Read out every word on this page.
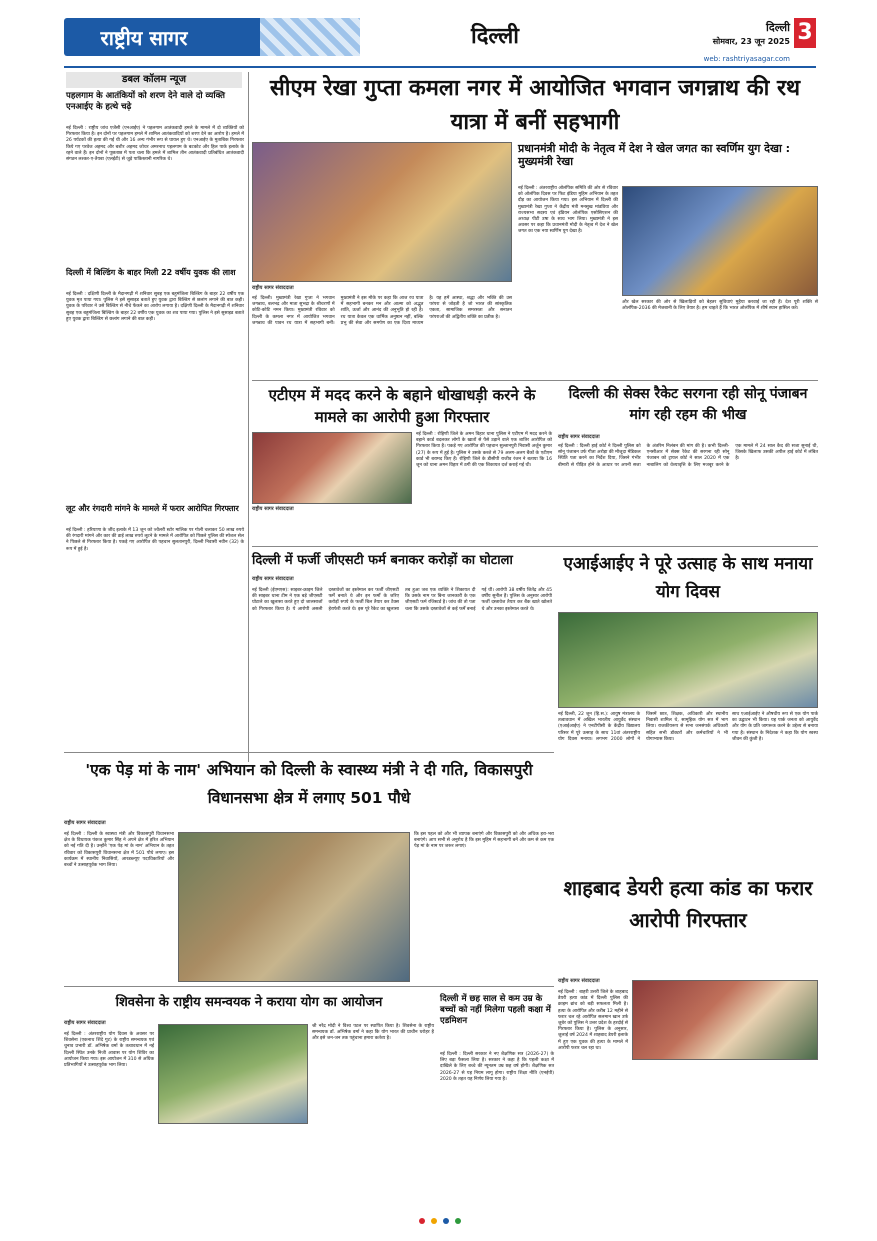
राष्ट्रीय सागर	दिल्ली	दिल्ली
सोमवार, 23 जून 2025
web: rashtriyasagar.com
3
डबल कॉलम न्यूज
पहलगाम के आतंकियों को शरण देने वाले दो व्यक्ति एनआईए के हत्थे चढ़े
नई दिल्ली : राष्ट्रीय जांच एजेंसी (एनआईए) ने पहलगाम आतंकवादी हमले के मामले में दो व्यक्तियों को गिरफ्तार किया है। इन दोनों पर पहलगाम हमले में शामिल आतंकवादियों को शरण देने का आरोप है। हमले में 26 पर्यटकों की हत्या की गई थी और 16 अन्य गंभीर रूप से घायल हुए थे। एनआईए के मुताबिक गिरफ्तार किये गए परवेज अहमद और बशीर अहमद जोथर अमरनाथ पहलगाम के बटकोट और हिल पार्क इलाके के रहने वाले हैं। इन दोनों ने पूछताछ में पता चला कि हमले में शामिल तीन आतंकवादी प्रतिबंधित आतंकवादी संगठन लश्कर-ए-तैयबा (एलईटी) से जुड़े पाकिस्तानी नागरिक थे।
दिल्ली में बिल्डिंग के बाहर मिली 22 वर्षीय युवक की लाश
नई दिल्ली : दक्षिणी दिल्ली के मैदानगढ़ी में शनिवार सुबह एक बहुमंजिला बिल्डिंग के बाहर 22 वर्षीय एक युवक मृत पाया गया। पुलिस ने इसे सुसाइड बताते हुए युवक द्वारा बिल्डिंग से छलांग लगाने की बात कही। युवक के परिवार ने उसे बिल्डिंग से नीचे फेंकने का आरोप लगाया है। दक्षिणी दिल्ली के मैदानगढ़ी में शनिवार सुबह एक बहुमंजिला बिल्डिंग के बाहर 22 वर्षीय एक युवक का शव पाया गया। पुलिस ने इसे सुसाइड बताते हुए युवक द्वारा बिल्डिंग से छलांग लगाने की बात कही।
लूट और रंगदारी मांगने के मामले में फरार आरोपित गिरफ्तार
नई दिल्ली : हरियाणा के जींद इलाके में 13 जून को ज्वैलरी स्टोर मालिक पर गोली चलाकर 50 लाख रुपये की रंगदारी मांगने और कार की डाई लाख रुपये लूटने के मामले में आरोपित को पिछले पुलिस की स्पेशल सेल ने पिछले से गिरफ्तार किया है। पकड़े गए आरोपित की पहचान सुलतानपुरी, दिल्ली निवासी नवीन (32) के रूप में हुई है।
सीएम रेखा गुप्ता कमला नगर में आयोजित भगवान जगन्नाथ की रथ यात्रा में बनीं सहभागी
राष्ट्रीय सागर संवाददाता
नई दिल्ली। मुख्यमंत्री रेखा गुप्ता ने भगवान जगन्नाथ, बलभद्र और माता सुभद्रा के श्रीचरणों में कोटि-कोटि नमन किया। मुख्यमंत्री रविवार को दिल्ली के कमला नगर में आयोजित भगवान जगन्नाथ की पावन रथ यात्रा में सहभागी बनीं। मुख्यमंत्री ने इस मौके पर कहा कि आज रथ यात्रा में सहभागी बनकर मन और आत्मा को अद्भुत शांति, ऊर्जा और आनंद की अनुभूति हो रही है। रथ यात्रा केवल एक धार्मिक अनुष्ठान नहीं, बल्कि प्रभु की सेवा और समर्पण का एक दिव्य माध्यम है। यह हमें आस्था, श्रद्धा और भक्ति की उस परंपरा से जोड़ती है जो भारत की सांस्कृतिक एकता, सामाजिक समरसता और सनातन परंपराओं की अद्वितीय शक्ति का प्रतीक है।
प्रधानमंत्री मोदी के नेतृत्व में देश ने खेल जगत का स्वर्णिम युग देखा : मुख्यमंत्री रेखा
नई दिल्ली : अंतरराष्ट्रीय ओलंपिक समिति की ओर से रविवार को ओलंपिक दिवस पर फिट इंडिया मुहिम अभियान के तहत दौड़ का आयोजन किया गया। इस अभियान में दिल्ली की मुख्यमंत्री रेखा गुप्ता ने केंद्रीय मंत्री मनसुख मांडविया और राज्यसभा सदस्य एवं इंडियन ओलंपिक एसोसिएशन की अध्यक्ष पीटी उषा के साथ भाग लिया। मुख्यमंत्री ने इस अवसर पर कहा कि प्रधानमंत्री मोदी के नेतृत्व में देश ने खेल जगत का एक नया स्वर्णिम युग देखा है।
और खेल सरकार की ओर से खिलाड़ियों को बेहतर सुविधाएं मुहैया करवाई जा रही हैं। देश पूरी शक्ति से ओलंपिक-2036 की मेजबानी के लिए तैयार है। हम चाहते हैं कि भारत ओलंपिक में शीर्ष स्थान हासिल करे।
एटीएम में मदद करने के बहाने धोखाधड़ी करने के मामले का आरोपी हुआ गिरफ्तार
राष्ट्रीय सागर संवाददाता
नई दिल्ली : रोहिणी जिले के अमन विहार थाना पुलिस ने एटीएम में मदद करने के बहाने कार्ड बदलकर लोगों के खातों से पैसे उड़ाने वाले एक शातिर आरोपित को गिरफ्तार किया है। पकड़े गए आरोपित की पहचान सुल्तानपुरी निवासी अर्जुन कुमार (27) के रूप में हुई है। पुलिस ने उसके कब्जे से 79 अलग-अलग बैंकों के एटीएम कार्ड भी बरामद किए हैं। रोहिणी जिले के डीसीपी राजीव रंजन ने बताया कि 16 जून को थाना अमन विहार में ठगी की एक शिकायत दर्ज कराई गई थी।
दिल्ली की सेक्स रैकेट सरगना रही सोनू पंजाबन मांग रही रहम की भीख
राष्ट्रीय सागर संवाददाता
नई दिल्ली : दिल्ली हाई कोर्ट ने दिल्ली पुलिस को सोनू पंजाबन उर्फ गीता अरोड़ा की मौजूदा मेडिकल स्थिति पता करने का निर्देश दिया, जिसने गंभीर बीमारी से पीड़ित होने के आधार पर अपनी सजा के अंतरिम निलंबन की मांग की है। कभी दिल्ली-एनसीआर में सेक्स रैकेट की सरगना रही सोनू पंजाबन को ट्रायल कोर्ट ने साल 2020 में एक नाबालिग को वेश्यावृत्ति के लिए मजबूर करने के एक मामले में 24 साल कैद की सजा सुनाई थी, जिसके खिलाफ उसकी अपील हाई कोर्ट में लंबित है।
दिल्ली में फर्जी जीएसटी फर्म बनाकर करोड़ों का घोटाला
राष्ट्रीय सागर संवाददाता
नई दिल्ली (ईएमएस): साइबर-क्राइम जिले की साइबर थाना टीम ने एक बड़े जीएसटी घोटाले का खुलासा करते हुए दो जालसाजों को गिरफ्तार किया है। ये आरोपी असली दस्तावेजों का इस्तेमाल कर फर्जी जीएसटी फर्में बनाते थे और इन फर्मों के जरिए करोड़ों रुपये के फर्जी बिल तैयार कर टैक्स हेराफेरी करते थे। इस पूरे रैकेट का खुलासा तब हुआ जब एक व्यक्ति ने शिकायत दी कि उसके नाम पर बिना जानकारी के एक जीएसटी फर्म रजिस्टर्ड है। जांच की तो पता चला कि उसके दस्तावेजों से कई फर्में बनाई गई थीं। आरोपी 38 वर्षीय जितेंद्र और 45 वर्षीय सुनील हैं। पुलिस के अनुसार आरोपी फर्जी दस्तावेज तैयार कर बैंक खाते खोलते थे और उनका इस्तेमाल करते थे।
एआईआईए ने पूरे उत्साह के साथ मनाया योग दिवस
नई दिल्ली, 22 जून (हि.स.): आयुष मंत्रालय के तत्वावधान में अखिल भारतीय आयुर्वेद संस्थान (एआईआईए) ने एनटीपीसी के केंद्रीय विद्यालय परिसर में पूरे उत्साह के साथ 11वां अंतरराष्ट्रीय योग दिवस मनाया। लगभग 2000 लोगों ने जिसमें छात्र, शिक्षक, अधिकारी और स्थानीय निवासी शामिल थे, सामूहिक योग सत्र में भाग लिया। राजकीयरूप से सभा जनसंपर्क अधिकारी सहित सभी डॉक्टरों और कर्मचारियों ने भी योगाभ्यास किया।
साथ एआईआईए ने औषधीय रूप से एक योग पार्क का उद्घाटन भी किया। यह पार्क जनता को आयुर्वेद और योग के प्रति जागरूक करने के उद्देश्य से बनाया गया है। संस्थान के निदेशक ने कहा कि योग स्वस्थ जीवन की कुंजी है।
'एक पेड़ मां के नाम' अभियान को दिल्ली के स्वास्थ्य मंत्री ने दी गति, विकासपुरी विधानसभा क्षेत्र में लगाए 501 पौधे
राष्ट्रीय सागर संवाददाता
नई दिल्ली : दिल्ली के स्वास्थ्य मंत्री और विकासपुरी विधानसभा क्षेत्र के विधायक पंकज कुमार सिंह ने अपने क्षेत्र में हरित अभियान को नई गति दी है। उन्होंने 'एक पेड़ मां के नाम' अभियान के तहत रविवार को विकासपुरी विधानसभा क्षेत्र में 501 पौधे लगाए। इस कार्यक्रम में स्थानीय निवासियों, आरडब्ल्यूए पदाधिकारियों और बच्चों ने उत्साहपूर्वक भाग लिया।
कि इस पहल को और भी व्यापक बनाएंगे और विकासपुरी को और अधिक हरा-भरा बनाएंगे। आप सभी से अनुरोध है कि इस मुहिम में सहभागी बनें और कम से कम एक पेड़ मां के नाम पर जरूर लगाएं।
शाहबाद डेयरी हत्या कांड का फरार आरोपी गिरफ्तार
राष्ट्रीय सागर संवाददाता
नई दिल्ली : बाहरी उत्तरी जिले के शाहबाद डेयरी हत्या कांड में दिल्ली पुलिस की क्राइम ब्रांच को बड़ी सफलता मिली है। हत्या के आरोपित और करीब 12 महीने से फरार चल रहे आरोपित सलमान खान उर्फ जुबेर को पुलिस ने उत्तर प्रदेश के हरदोई से गिरफ्तार किया है। पुलिस के अनुसार, जुलाई वर्ष 2024 में शाहबाद डेयरी इलाके में हुए एक युवक की हत्या के मामले में आरोपी फरार चल रहा था।
शिवसेना के राष्ट्रीय समन्वयक ने कराया योग का आयोजन
राष्ट्रीय सागर संवाददाता
नई दिल्ली : अंतरराष्ट्रीय योग दिवस के अवसर पर शिवसेना (एकनाथ शिंदे गुट) के राष्ट्रीय समन्वयक एवं चुनाव प्रभारी डॉ. अभिषेक वर्मा के तत्वावधान में नई दिल्ली स्थित उनके निजी आवास पर योग शिविर का आयोजन किया गया। इस आयोजन में 310 से अधिक प्रतिभागियों ने उत्साहपूर्वक भाग लिया।
श्री नरेंद्र मोदी ने विश्व पटल पर स्थापित किया है। शिवसेना के राष्ट्रीय समन्वयक डॉ. अभिषेक वर्मा ने कहा कि योग भारत की प्राचीन धरोहर है और इसे जन-जन तक पहुंचाना हमारा कर्तव्य है।
दिल्ली में छह साल से कम उम्र के बच्चों को नहीं मिलेगा पहली कक्षा में एडमिशन
नई दिल्ली : दिल्ली सरकार ने नए शैक्षणिक सत्र (2026-27) के लिए बड़ा फैसला लिया है। सरकार ने कहा है कि पहली कक्षा में दाखिले के लिए बच्चे की न्यूनतम उम्र छह वर्ष होगी। शैक्षणिक सत्र 2026-27 से यह नियम लागू होगा। राष्ट्रीय शिक्षा नीति (एनईपी) 2020 के तहत यह निर्णय लिया गया है।
